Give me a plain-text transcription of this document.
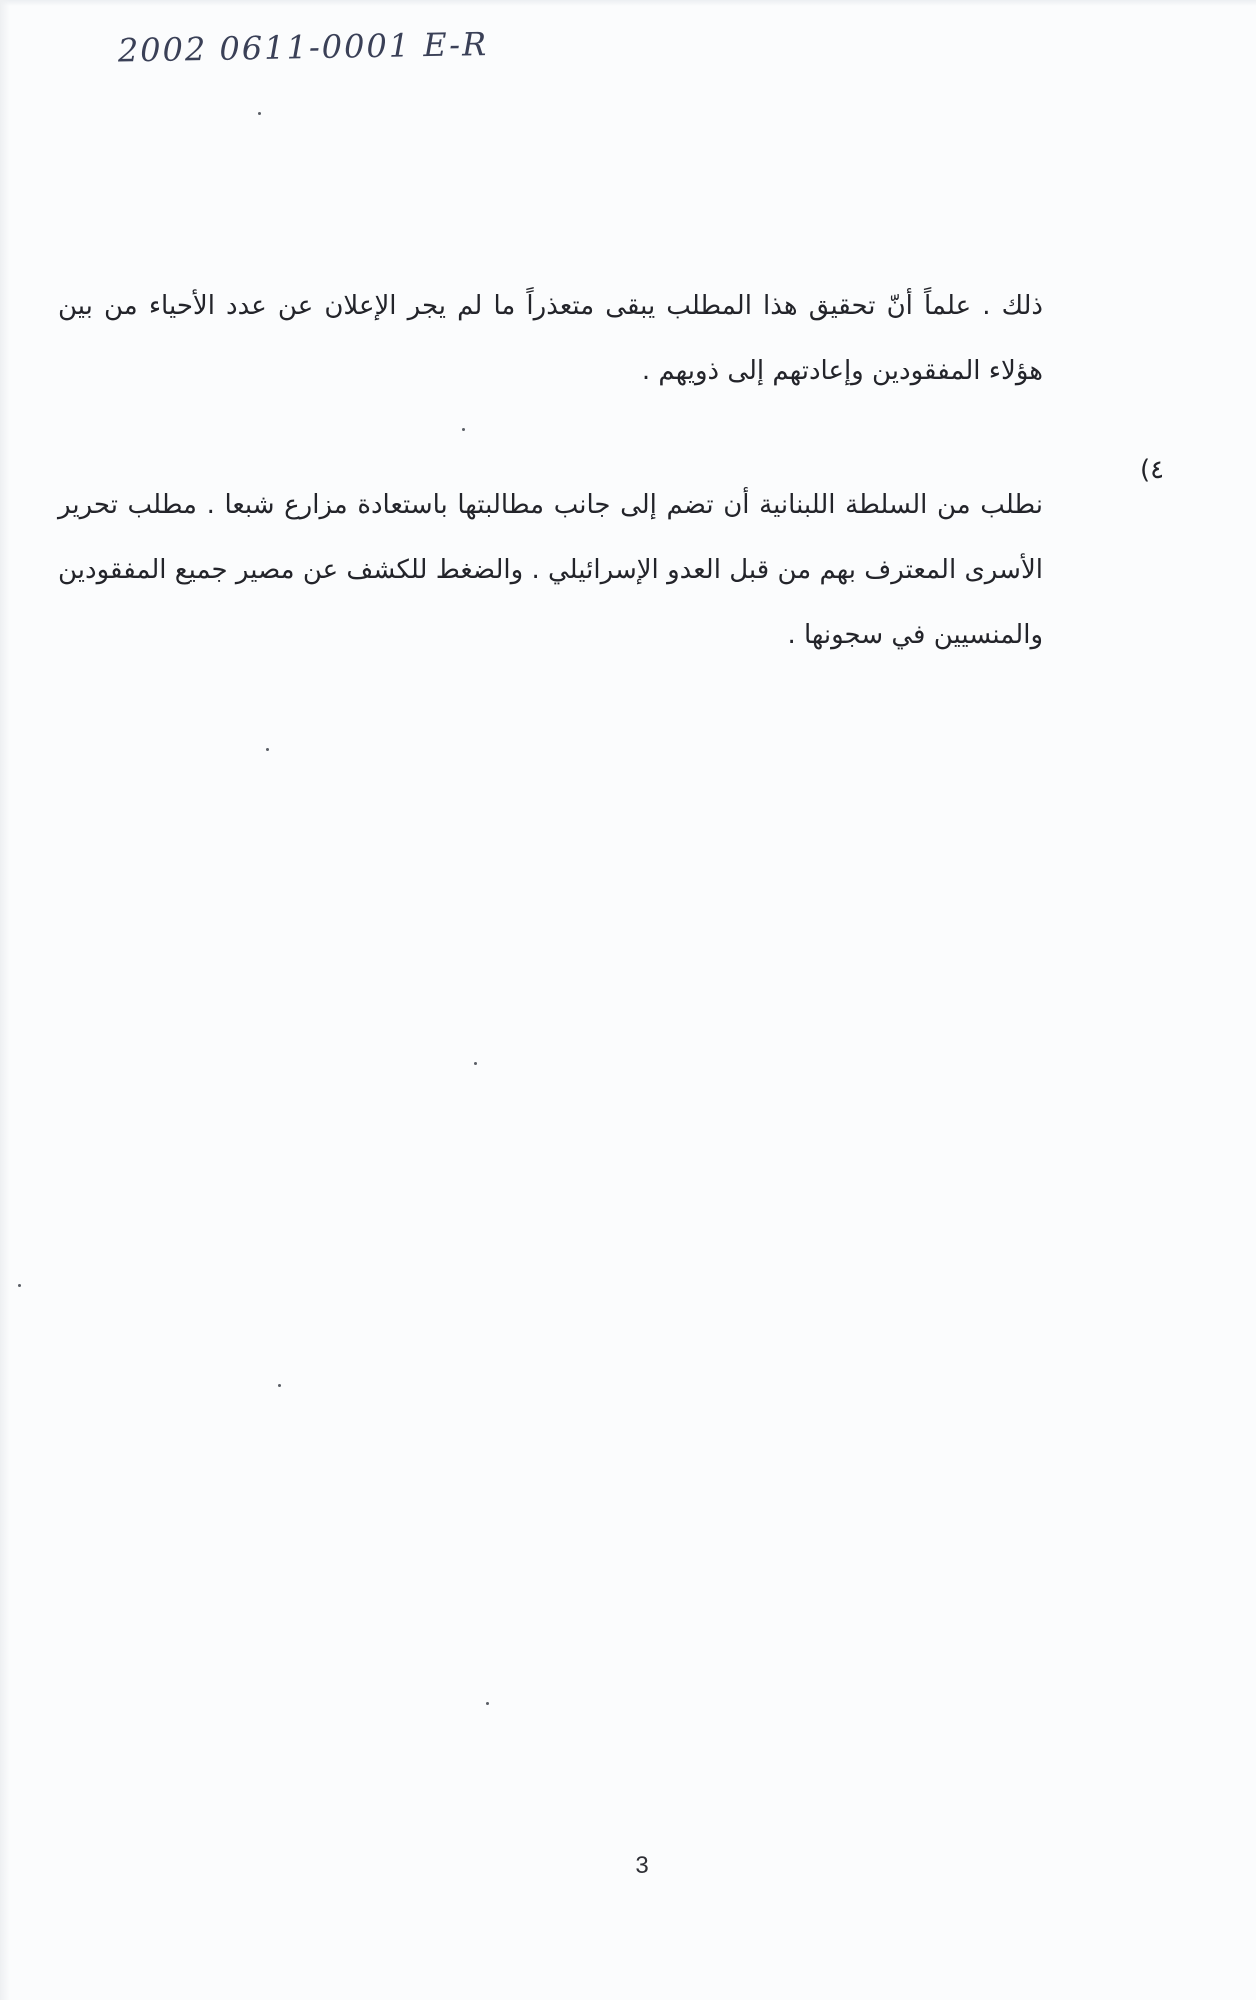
2002 0611-0001 E-R

ذلك . علماً أنّ تحقيق هذا المطلب يبقى متعذراً ما لم يجر الإعلان عن عدد الأحياء من بين هؤلاء المفقودين وإعادتهم إلى ذويهم .

٤)

نطلب من السلطة اللبنانية أن تضم إلى جانب مطالبتها باستعادة مزارع شبعا . مطلب تحرير الأسرى المعترف بهم من قبل العدو الإسرائيلي . والضغط للكشف عن مصير جميع المفقودين والمنسيين في سجونها .

3
